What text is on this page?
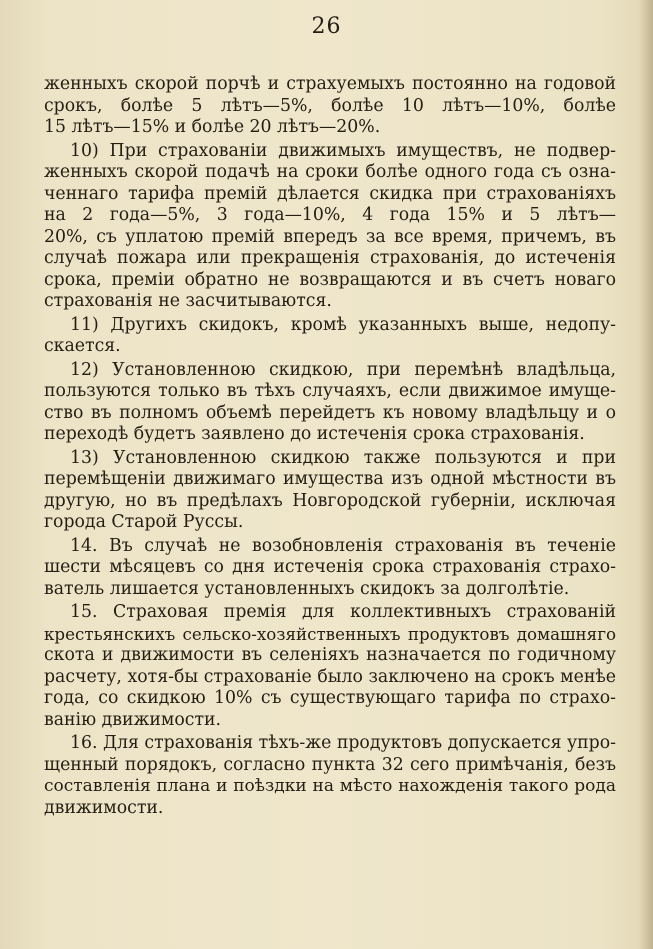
26
женныхъ скорой порчѣ и страхуемыхъ постоянно на годовой
срокъ, болѣе 5 лѣтъ—5%, болѣе 10 лѣтъ—10%, болѣе
15 лѣтъ—15% и болѣе 20 лѣтъ—20%.
10) При страхованіи движимыхъ имуществъ, не подвер-
женныхъ скорой подачѣ на сроки болѣе одного года съ озна-
ченнаго тарифа премій дѣлается скидка при страхованіяхъ
на 2 года—5%, 3 года—10%, 4 года 15% и 5 лѣтъ—
20%, съ уплатою премій впередъ за все время, причемъ, въ
случаѣ пожара или прекращенія страхованія, до истеченія
срока, преміи обратно не возвращаются и въ счетъ новаго
страхованія не засчитываются.
11) Другихъ скидокъ, кромѣ указанныхъ выше, недопу-
скается.
12) Установленною скидкою, при перемѣнѣ владѣльца,
пользуются только въ тѣхъ случаяхъ, если движимое имуще-
ство въ полномъ объемѣ перейдетъ къ новому владѣльцу и о
переходѣ будетъ заявлено до истеченія срока страхованія.
13) Установленною скидкою также пользуются и при
перемѣщеніи движимаго имущества изъ одной мѣстности въ
другую, но въ предѣлахъ Новгородской губерніи, исключая
города Старой Руссы.
14. Въ случаѣ не возобновленія страхованія въ теченіе
шести мѣсяцевъ со дня истеченія срока страхованія страхо-
ватель лишается установленныхъ скидокъ за долголѣтіе.
15. Страховая премія для коллективныхъ страхованій
крестьянскихъ сельско-хозяйственныхъ продуктовъ домашняго
скота и движимости въ селеніяхъ назначается по годичному
расчету, хотя-бы страхованіе было заключено на срокъ менѣе
года, со скидкою 10% съ существующаго тарифа по страхо-
ванію движимости.
16. Для страхованія тѣхъ-же продуктовъ допускается упро-
щенный порядокъ, согласно пункта 32 сего примѣчанія, безъ
составленія плана и поѣздки на мѣсто нахожденія такого рода
движимости.
